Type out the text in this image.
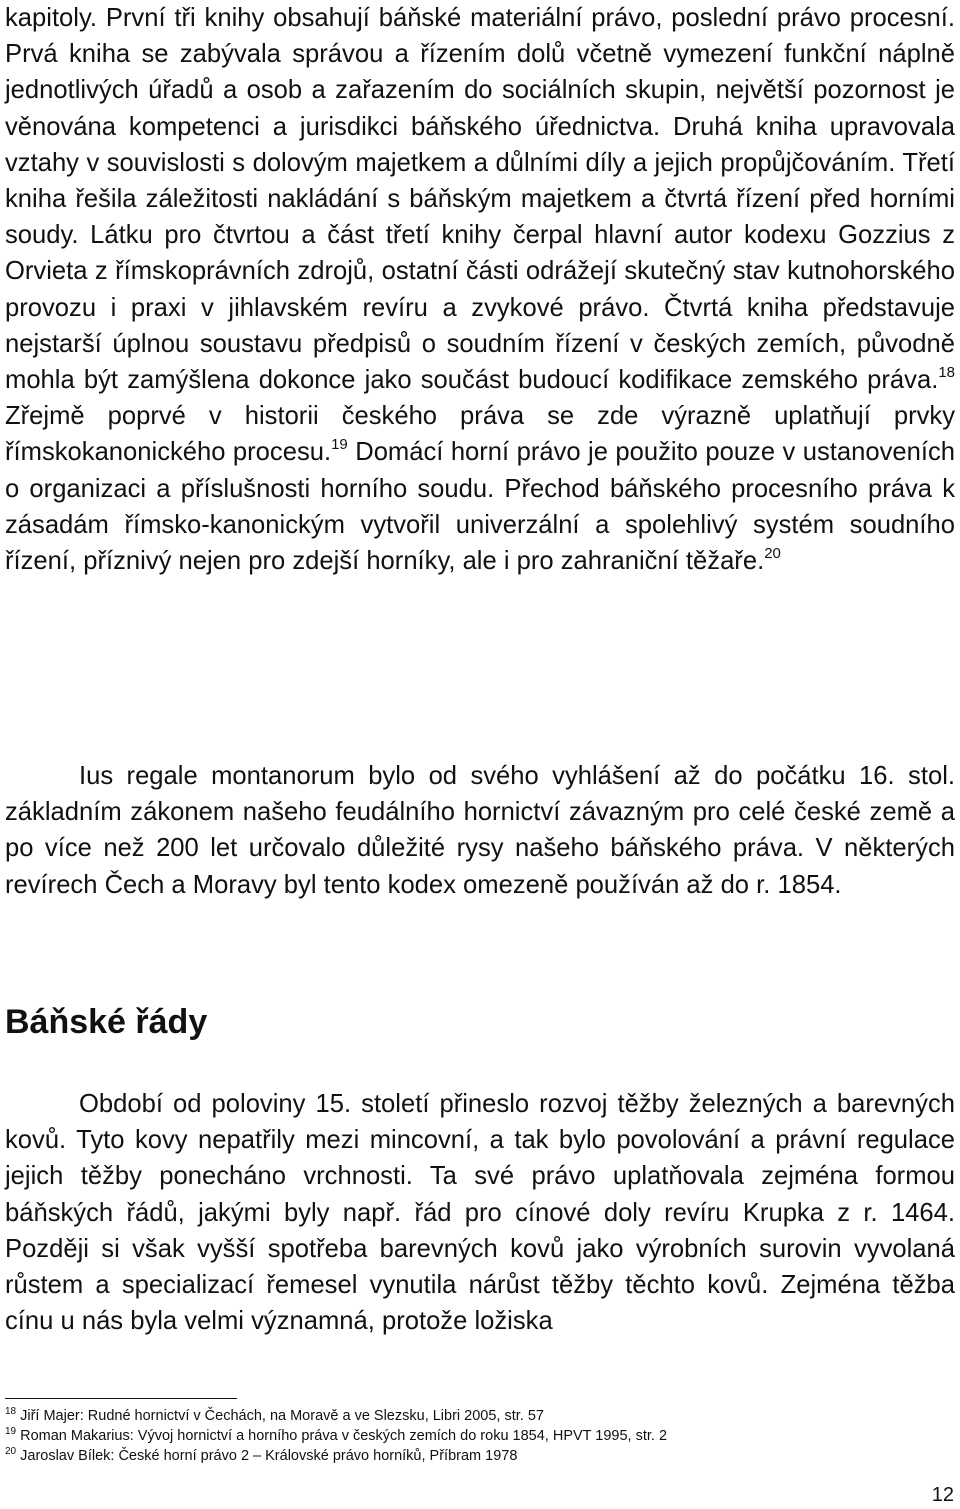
kapitoly. První tři knihy obsahují báňské materiální právo, poslední právo procesní. Prvá kniha se zabývala správou a řízením dolů včetně vymezení funkční náplně jednotlivých úřadů a osob a zařazením do sociálních skupin, největší pozornost je věnována kompetenci a jurisdikci báňského úřednictva. Druhá kniha upravovala vztahy v souvislosti s dolovým majetkem a důlními díly a jejich propůjčováním. Třetí kniha řešila záležitosti nakládání s báňským majetkem a čtvrtá řízení před horními soudy. Látku pro čtvrtou a část třetí knihy čerpal hlavní autor kodexu Gozzius z Orvieta z římskoprávních zdrojů, ostatní části odrážejí skutečný stav kutnohorského provozu i praxi v jihlavském revíru a zvykové právo. Čtvrtá kniha představuje nejstarší úplnou soustavu předpisů o soudním řízení v českých zemích, původně mohla být zamýšlena dokonce jako součást budoucí kodifikace zemského práva.$^{18}$ Zřejmě poprvé v historii českého práva se zde výrazně uplatňují prvky římskokanonického procesu.$^{19}$ Domácí horní právo je použito pouze v ustanoveních o organizaci a příslušnosti horního soudu. Přechod báňského procesního práva k zásadám římsko-kanonickým vytvořil univerzální a spolehlivý systém soudního řízení, příznivý nejen pro zdejší horníky, ale i pro zahraniční těžaře.$^{20}$

Ius regale montanorum bylo od svého vyhlášení až do počátku 16. stol. základním zákonem našeho feudálního hornictví závazným pro celé české země a po více než 200 let určovalo důležité rysy našeho báňského práva. V některých revírech Čech a Moravy byl tento kodex omezeně používán až do r. 1854.

Báňské řády

Období od poloviny 15. století přineslo rozvoj těžby železných a barevných kovů. Tyto kovy nepatřily mezi mincovní, a tak bylo povolování a právní regulace jejich těžby ponecháno vrchnosti. Ta své právo uplatňovala zejména formou báňských řádů, jakými byly např. řád pro cínové doly revíru Krupka z r. 1464. Později si však vyšší spotřeba barevných kovů jako výrobních surovin vyvolaná růstem a specializací řemesel vynutila nárůst těžby těchto kovů. Zejména těžba cínu u nás byla velmi významná, protože ložiska

$^{18}$ Jiří Majer: Rudné hornictví v Čechách, na Moravě a ve Slezsku, Libri 2005, str. 57
$^{19}$ Roman Makarius: Vývoj hornictví a horního práva v českých zemích do roku 1854, HPVT 1995, str. 2
$^{20}$ Jaroslav Bílek: České horní právo 2 – Královské právo horníků, Příbram 1978
12
